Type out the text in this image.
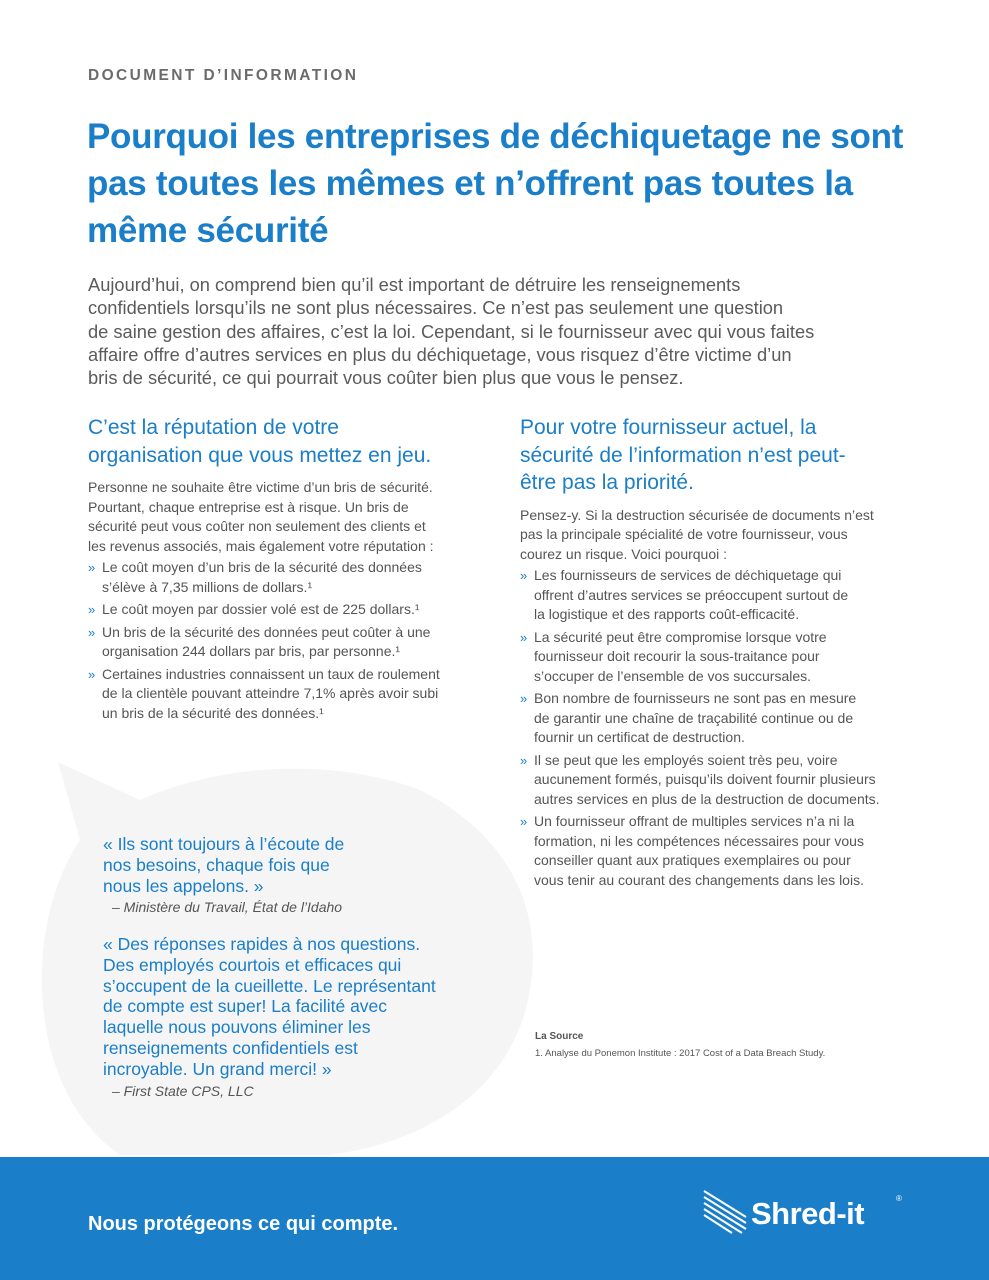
DOCUMENT D’INFORMATION
Pourquoi les entreprises de déchiquetage ne sont pas toutes les mêmes et n’offrent pas toutes la même sécurité
Aujourd’hui, on comprend bien qu’il est important de détruire les renseignements
confidentiels lorsqu’ils ne sont plus nécessaires. Ce n’est pas seulement une question
de saine gestion des affaires, c’est la loi. Cependant, si le fournisseur avec qui vous faites
affaire offre d’autres services en plus du déchiquetage, vous risquez d’être victime d’un
bris de sécurité, ce qui pourrait vous coûter bien plus que vous le pensez.
C’est la réputation de votre
organisation que vous mettez en jeu.
Personne ne souhaite être victime d’un bris de sécurité.
Pourtant, chaque entreprise est à risque. Un bris de
sécurité peut vous coûter non seulement des clients et
les revenus associés, mais également votre réputation :
» Le coût moyen d’un bris de la sécurité des données
s’élève à 7,35 millions de dollars.¹
» Le coût moyen par dossier volé est de 225 dollars.¹
» Un bris de la sécurité des données peut coûter à une
organisation 244 dollars par bris, par personne.¹
» Certaines industries connaissent un taux de roulement
de la clientèle pouvant atteindre 7,1% après avoir subi
un bris de la sécurité des données.¹
Pour votre fournisseur actuel, la
sécurité de l’information n’est peut-
être pas la priorité.
Pensez-y. Si la destruction sécurisée de documents n’est
pas la principale spécialité de votre fournisseur, vous
courez un risque. Voici pourquoi :
» Les fournisseurs de services de déchiquetage qui
offrent d’autres services se préoccupent surtout de
la logistique et des rapports coût-efficacité.
» La sécurité peut être compromise lorsque votre
fournisseur doit recourir la sous-traitance pour
s’occuper de l’ensemble de vos succursales.
» Bon nombre de fournisseurs ne sont pas en mesure
de garantir une chaîne de traçabilité continue ou de
fournir un certificat de destruction.
» Il se peut que les employés soient très peu, voire
aucunement formés, puisqu’ils doivent fournir plusieurs
autres services en plus de la destruction de documents.
» Un fournisseur offrant de multiples services n’a ni la
formation, ni les compétences nécessaires pour vous
conseiller quant aux pratiques exemplaires ou pour
vous tenir au courant des changements dans les lois.
« Ils sont toujours à l’écoute de
nos besoins, chaque fois que
nous les appelons. »
– Ministère du Travail, État de l’Idaho
« Des réponses rapides à nos questions.
Des employés courtois et efficaces qui
s’occupent de la cueillette. Le représentant
de compte est super! La facilité avec
laquelle nous pouvons éliminer les
renseignements confidentiels est
incroyable. Un grand merci! »
– First State CPS, LLC
La Source
1. Analyse du Ponemon Institute : 2017 Cost of a Data Breach Study.
Nous protégeons ce qui compte.	Shred-it	®
